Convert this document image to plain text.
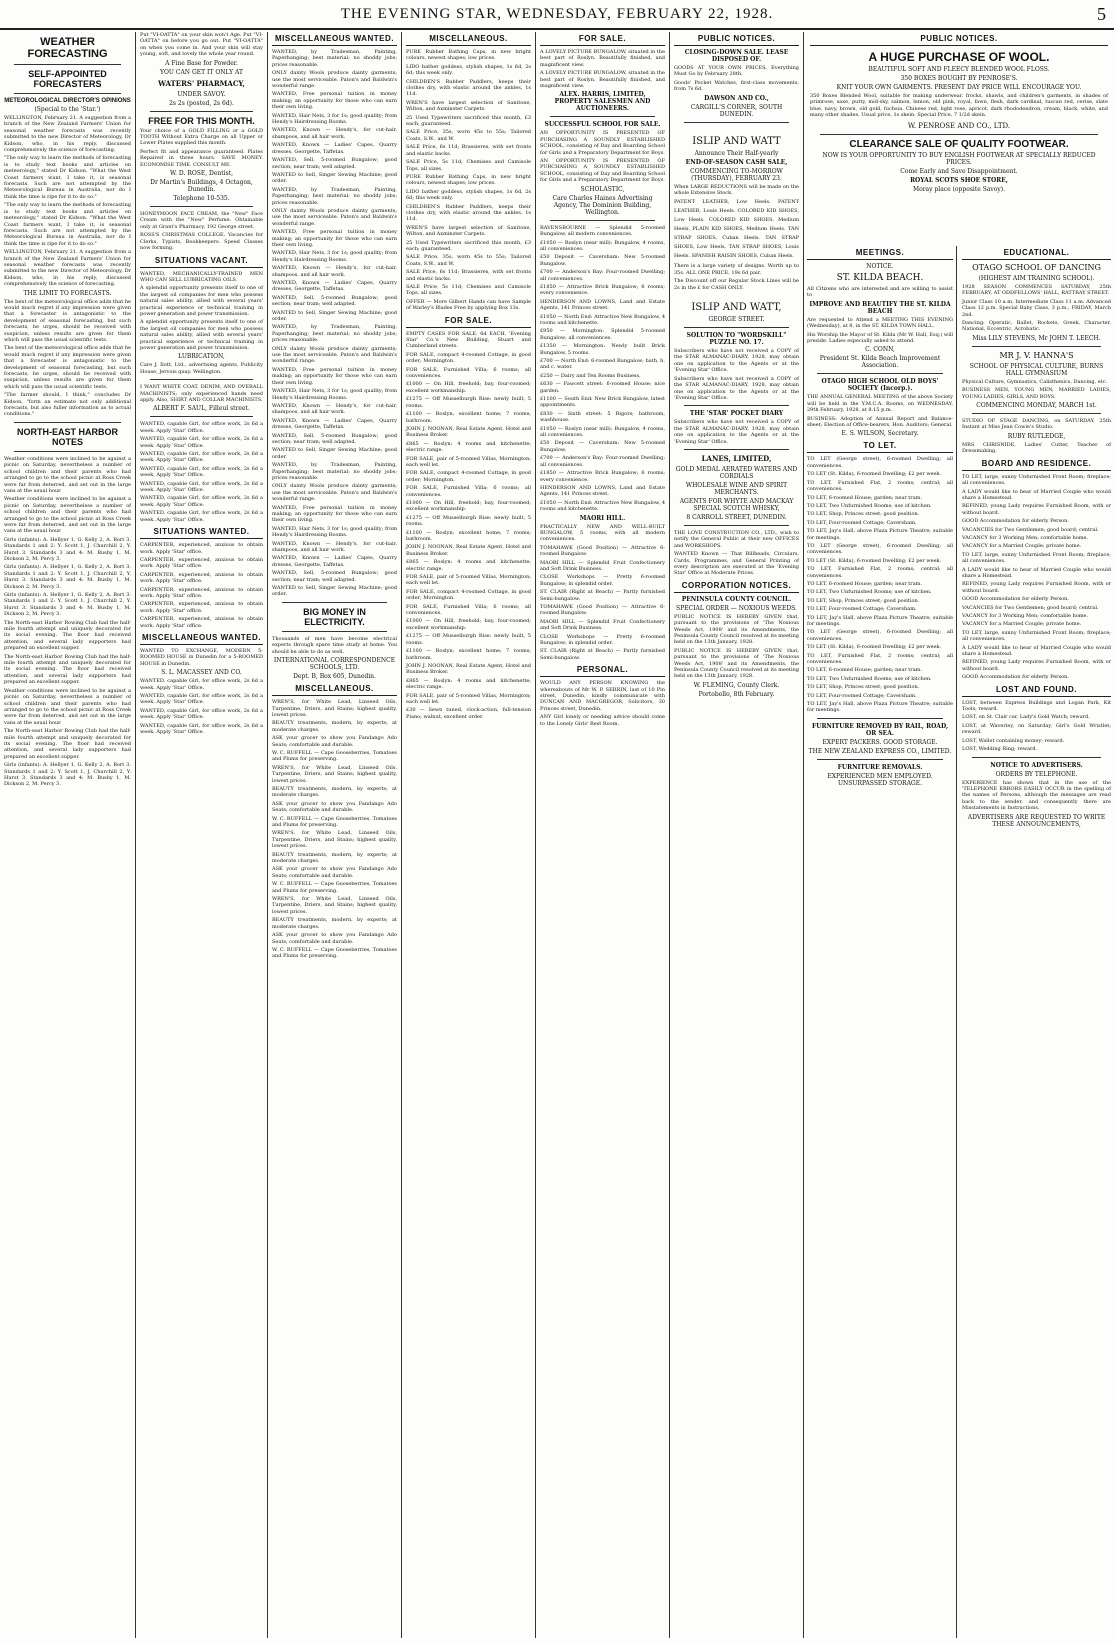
THE EVENING STAR, WEDNESDAY, FEBRUARY 22, 1928.	5
WEATHER FORECASTING
SELF-APPOINTED FORECASTERS
METEOROLOGICAL DIRECTOR'S OPINIONS
(Special to the 'Star.')

WELLINGTON, February 21. A suggestion from a branch of the New Zealand Farmers' Union for seasonal weather forecasts was recently submitted to the new Director of Meteorology, Dr Kidson, who, in his reply, discussed comprehensively the science of forecasting.

"The only way to learn the methods of forecasting is to study text books and articles on meteorology," stated Dr Kidson. "What the West Coast farmers want, I take it, is seasonal forecasts. Such are not attempted by the Meteorological Bureau in Australia, nor do I think the time is ripe for it to do so."

"The only way to learn the methods of forecasting is to study text books and articles on meteorology," stated Dr Kidson. "What the West Coast farmers want, I take it, is seasonal forecasts. Such are not attempted by the Meteorological Bureau in Australia, nor do I think the time is ripe for it to do so."

WELLINGTON, February 21. A suggestion from a branch of the New Zealand Farmers' Union for seasonal weather forecasts was recently submitted to the new Director of Meteorology, Dr Kidson, who, in his reply, discussed comprehensively the science of forecasting.

THE LIMIT TO FORECASTS.

The bent of the meteorological office adds that he would much regret if any impression were given that a forecaster is antagonistic to the development of seasonal forecasting, but such forecasts, he urges, should be received with suspicion, unless results are given for them which will pass the usual scientific tests.

The bent of the meteorological office adds that he would much regret if any impression were given that a forecaster is antagonistic to the development of seasonal forecasting, but such forecasts, he urges, should be received with suspicion, unless results are given for them which will pass the usual scientific tests.

"The farmer should, I think," concludes Dr Kidson, "form an estimate not only additional forecasts, but also fuller information as to actual conditions."

NORTH-EAST HARBOR NOTES

Weather conditions were inclined to be against a picnic on Saturday, nevertheless a number of school children and their parents who had arranged to go to the school picnic at Ross Creek were far from deterred, and set out in the large vans at the usual hour.

Weather conditions were inclined to be against a picnic on Saturday, nevertheless a number of school children and their parents who had arranged to go to the school picnic at Ross Creek were far from deterred, and set out in the large vans at the usual hour.

Girls (infants): A. Hellyer 1, G. Kelly 2, A. Bort 3. Standards 1 and 2: Y. Scott 1, J. Churchill 2, Y. Hurst 3. Standards 3 and 4: M. Busby 1, M. Dickson 2, M. Percy 3.

Girls (infants): A. Hellyer 1, G. Kelly 2, A. Bort 3. Standards 1 and 2: Y. Scott 1, J. Churchill 2, Y. Hurst 3. Standards 3 and 4: M. Busby 1, M. Dickson 2, M. Percy 3.

Girls (infants): A. Hellyer 1, G. Kelly 2, A. Bort 3. Standards 1 and 2: Y. Scott 1, J. Churchill 2, Y. Hurst 3. Standards 3 and 4: M. Busby 1, M. Dickson 2, M. Percy 3.

The North-east Harbor Rowing Club had the half-mile fourth attempt and uniquely decorated for its social evening. The floor had received attention, and several lady supporters had prepared an excellent supper.

The North-east Harbor Rowing Club had the half-mile fourth attempt and uniquely decorated for its social evening. The floor had received attention, and several lady supporters had prepared an excellent supper.

Weather conditions were inclined to be against a picnic on Saturday, nevertheless a number of school children and their parents who had arranged to go to the school picnic at Ross Creek were far from deterred, and set out in the large vans at the usual hour.

The North-east Harbor Rowing Club had the half-mile fourth attempt and uniquely decorated for its social evening. The floor had received attention, and several lady supporters had prepared an excellent supper.

Girls (infants): A. Hellyer 1, G. Kelly 2, A. Bort 3. Standards 1 and 2: Y. Scott 1, J. Churchill 2, Y. Hurst 3. Standards 3 and 4: M. Busby 1, M. Dickson 2, M. Percy 3.

Put "VI-OATTA" on your skin won't Age. Put "VI-OATTA" on before you go out. Put "VI-OATTA" on when you come in. And your skin will stay young, soft, and lovely the whole year round.

A Fine Base for Powder.
YOU CAN GET IT ONLY AT
WATERS' PHARMACY,
UNDER SAVOY.
2s 2s (posted, 2s 6d).
FREE FOR THIS MONTH.

Your choice of a GOLD FILLING or a GOLD TOOTH Without Extra Charge on all Upper or Lower Plates supplied this month.

Perfect fit and appearance guaranteed. Plates Repaired in three hours. SAVE MONEY. ECONOMISE TIME. CONSULT ME.

W. D. ROSE, Dentist,
Dr Martin's Buildings, 4 Octagon, Dunedin.
Telephone 10-535.

HONEYMOON FACE CREAM, the "New" Face Cream with the "New" Perfume. Obtainable only at Grant's Pharmacy, 192 George street.

ROSS'S CHRISTMAS COLLEGE. Vacancies for Clerks, Typists, Bookkeepers. Speed Classes now forming.

SITUATIONS VACANT.

WANTED, MECHANICALLY-TRAINED MEN WHO CAN SELL LUBRICATING OILS.

A splendid opportunity presents itself to one of the largest oil companies for men who possess natural sales ability, allied with several years' practical experience or technical training in power generation and power transmission.

A splendid opportunity presents itself to one of the largest oil companies for men who possess natural sales ability, allied with several years' practical experience or technical training in power generation and power transmission.

LUBRICATION,

Care J. Ilott, Ltd., advertising agents, Publicity House, Jervois quay, Wellington.

I WANT WHITE COAT, DENIM, AND OVERALL MACHINISTS; only experienced hands need apply. Also, SHIRT AND COLLAR MACHINISTS.

ALBERT F. SAUL, Filleul street.

WANTED, capable Girl, for office work, 2s 6d a week. Apply 'Star' Office.

WANTED, capable Girl, for office work, 2s 6d a week. Apply 'Star' Office.

WANTED, capable Girl, for office work, 2s 6d a week. Apply 'Star' Office.

WANTED, capable Girl, for office work, 2s 6d a week. Apply 'Star' Office.

WANTED, capable Girl, for office work, 2s 6d a week. Apply 'Star' Office.

WANTED, capable Girl, for office work, 2s 6d a week. Apply 'Star' Office.

WANTED, capable Girl, for office work, 2s 6d a week. Apply 'Star' Office.

SITUATIONS WANTED.

CARPENTER, experienced, anxious to obtain work. Apply 'Star' office.

CARPENTER, experienced, anxious to obtain work. Apply 'Star' office.

CARPENTER, experienced, anxious to obtain work. Apply 'Star' office.

CARPENTER, experienced, anxious to obtain work. Apply 'Star' office.

CARPENTER, experienced, anxious to obtain work. Apply 'Star' office.

CARPENTER, experienced, anxious to obtain work. Apply 'Star' office.

MISCELLANEOUS WANTED.

WANTED TO EXCHANGE, MODERN 5-ROOMED HOUSE in Dunedin for a 5-ROOMED HOUSE in Dunedin.

S. L. MACASSEY AND CO.

WANTED, capable Girl, for office work, 2s 6d a week. Apply 'Star' Office.

WANTED, capable Girl, for office work, 2s 6d a week. Apply 'Star' Office.

WANTED, capable Girl, for office work, 2s 6d a week. Apply 'Star' Office.

WANTED, capable Girl, for office work, 2s 6d a week. Apply 'Star' Office.

MISCELLANEOUS WANTED.

WANTED, by Tradesman, Painting, Paperhanging; best material; no shoddy jobs; prices reasonable.

ONLY dainty Wools produce dainty garments; use the most serviceable. Paton's and Baldwin's wonderful range.

WANTED, Free personal tuition in money making; an opportunity for those who can earn their own living.

WANTED, Hair Nets, 3 for 1s; good quality; from Hendy's Hairdressing Rooms.

WANTED, Known — Hendy's, for cut-hair, shampoos, and all hair work.

WANTED, Known — Ladies' Capes, Quarry dresses, Georgette, Taffetas.

WANTED, Sell, 5-roomed Bungalow; good section; near tram; well adapted.

WANTED to Sell, Singer Sewing Machine; good order.

WANTED, by Tradesman, Painting, Paperhanging; best material; no shoddy jobs; prices reasonable.

ONLY dainty Wools produce dainty garments; use the most serviceable. Paton's and Baldwin's wonderful range.

WANTED, Free personal tuition in money making; an opportunity for those who can earn their own living.

WANTED, Hair Nets, 3 for 1s; good quality; from Hendy's Hairdressing Rooms.

WANTED, Known — Hendy's, for cut-hair, shampoos, and all hair work.

WANTED, Known — Ladies' Capes, Quarry dresses, Georgette, Taffetas.

WANTED, Sell, 5-roomed Bungalow; good section; near tram; well adapted.

WANTED to Sell, Singer Sewing Machine; good order.

WANTED, by Tradesman, Painting, Paperhanging; best material; no shoddy jobs; prices reasonable.

ONLY dainty Wools produce dainty garments; use the most serviceable. Paton's and Baldwin's wonderful range.

WANTED, Free personal tuition in money making; an opportunity for those who can earn their own living.

WANTED, Hair Nets, 3 for 1s; good quality; from Hendy's Hairdressing Rooms.

WANTED, Known — Hendy's, for cut-hair, shampoos, and all hair work.

WANTED, Known — Ladies' Capes, Quarry dresses, Georgette, Taffetas.

WANTED, Sell, 5-roomed Bungalow; good section; near tram; well adapted.

WANTED to Sell, Singer Sewing Machine; good order.

WANTED, by Tradesman, Painting, Paperhanging; best material; no shoddy jobs; prices reasonable.

ONLY dainty Wools produce dainty garments; use the most serviceable. Paton's and Baldwin's wonderful range.

WANTED, Free personal tuition in money making; an opportunity for those who can earn their own living.

WANTED, Hair Nets, 3 for 1s; good quality; from Hendy's Hairdressing Rooms.

WANTED, Known — Hendy's, for cut-hair, shampoos, and all hair work.

WANTED, Known — Ladies' Capes, Quarry dresses, Georgette, Taffetas.

WANTED, Sell, 5-roomed Bungalow; good section; near tram; well adapted.

WANTED to Sell, Singer Sewing Machine; good order.

BIG MONEY IN ELECTRICITY.

Thousands of men have become electrical experts through spare time study at home. You should be able to do as well.

INTERNATIONAL CORRESPONDENCE SCHOOLS, LTD.
Dept. B, Box 605, Dunedin.
MISCELLANEOUS.

WREN'S, for White Lead, Linseed Oils, Turpentine, Driers, and Stains; highest quality, lowest prices.

BEAUTY treatments, modern, by experts; at moderate charges.

ASK your grocer to show you Fandango Ado Seats; comfortable and durable.

W. C. RUFFELL — Cape Gooseberries, Tomatoes and Plums for preserving.

WREN'S, for White Lead, Linseed Oils, Turpentine, Driers, and Stains; highest quality, lowest prices.

BEAUTY treatments, modern, by experts; at moderate charges.

ASK your grocer to show you Fandango Ado Seats; comfortable and durable.

W. C. RUFFELL — Cape Gooseberries, Tomatoes and Plums for preserving.

WREN'S, for White Lead, Linseed Oils, Turpentine, Driers, and Stains; highest quality, lowest prices.

BEAUTY treatments, modern, by experts; at moderate charges.

ASK your grocer to show you Fandango Ado Seats; comfortable and durable.

W. C. RUFFELL — Cape Gooseberries, Tomatoes and Plums for preserving.

WREN'S, for White Lead, Linseed Oils, Turpentine, Driers, and Stains; highest quality, lowest prices.

BEAUTY treatments, modern, by experts; at moderate charges.

ASK your grocer to show you Fandango Ado Seats; comfortable and durable.

W. C. RUFFELL — Cape Gooseberries, Tomatoes and Plums for preserving.

MISCELLANEOUS.

PURE Rubber Bathing Caps, in new bright colours, newest shapes; low prices.

LIDO bather goddess, stylish shapes, 1s 6d, 2s 6d; this week only.

CHILDREN'S Rubber Paddlers, keeps their clothes dry, with elastic around the ankles, 1s 11d.

WREN'S have largest selection of Sanitone, Wilton, and Axminster Carpets.

25 Used Typewriters sacrificed this month, £3 each; guaranteed.

SALE Price, 35s, worn 45s to 55s; Tailored Coats, S.W., and W.

SALE Price, 6s 11d; Brassieres, with set fronts and elastic backs.

SALE Price, 5s 11d; Chemises and Camisole Tops, all sizes.

PURE Rubber Bathing Caps, in new bright colours, newest shapes; low prices.

LIDO bather goddess, stylish shapes, 1s 6d, 2s 6d; this week only.

CHILDREN'S Rubber Paddlers, keeps their clothes dry, with elastic around the ankles, 1s 11d.

WREN'S have largest selection of Sanitone, Wilton, and Axminster Carpets.

25 Used Typewriters sacrificed this month, £3 each; guaranteed.

SALE Price, 35s, worn 45s to 55s; Tailored Coats, S.W., and W.

SALE Price, 6s 11d; Brassieres, with set fronts and elastic backs.

SALE Price, 5s 11d; Chemises and Camisole Tops, all sizes.

OFFER — More Gilbert Hands can have Sample of Warley's Blades Free by applying Box 13s.

FOR SALE.

EMPTY CASES FOR SALE. 6d EACH. 'Evening Star' Co.'s New Building, Stuart and Cumberland streets.

FOR SALE, compact 4-roomed Cottage, in good order; Mornington.

FOR SALE, Furnished Villa; 6 rooms; all conveniences.

£1000 — On Hill, freehold; bay, four-roomed; excellent workmanship.

£1275 — Off Musselburgh Rise: newly built, 5 rooms.

£1100 — Roslyn; excellent home; 7 rooms; bathroom.

JOHN J. NOONAN, Real Estate Agent, Hotel and Business Broker.

£865 — Roslyn: 4 rooms and kitchenette; electric range.

FOR SALE, pair of 5-roomed Villas, Mornington; each well let.

FOR SALE, compact 4-roomed Cottage, in good order; Mornington.

FOR SALE, Furnished Villa; 6 rooms; all conveniences.

£1000 — On Hill, freehold; bay, four-roomed; excellent workmanship.

£1275 — Off Musselburgh Rise: newly built, 5 rooms.

£1100 — Roslyn; excellent home; 7 rooms; bathroom.

JOHN J. NOONAN, Real Estate Agent, Hotel and Business Broker.

£865 — Roslyn: 4 rooms and kitchenette; electric range.

FOR SALE, pair of 5-roomed Villas, Mornington; each well let.

FOR SALE, compact 4-roomed Cottage, in good order; Mornington.

FOR SALE, Furnished Villa; 6 rooms; all conveniences.

£1000 — On Hill, freehold; bay, four-roomed; excellent workmanship.

£1275 — Off Musselburgh Rise: newly built, 5 rooms.

£1100 — Roslyn; excellent home; 7 rooms; bathroom.

JOHN J. NOONAN, Real Estate Agent, Hotel and Business Broker.

£865 — Roslyn: 4 rooms and kitchenette; electric range.

FOR SALE, pair of 5-roomed Villas, Mornington; each well let.

£30 — Sewn tuned, clock-action, full-tension Piano; walnut, excellent order.

FOR SALE.

A LOVELY PICTURE BUNGALOW, situated in the best part of Roslyn. Beautifully finished, and magnificent view.

A LOVELY PICTURE BUNGALOW, situated in the best part of Roslyn. Beautifully finished, and magnificent view.

ALEX. HARRIS, LIMITED, PROPERTY SALESMEN AND AUCTIONEERS.
SUCCESSFUL SCHOOL FOR SALE.

AN OPPORTUNITY IS PRESENTED OF PURCHASING A SOUNDLY ESTABLISHED SCHOOL, consisting of Day and Boarding School for Girls and a Preparatory Department for Boys.

AN OPPORTUNITY IS PRESENTED OF PURCHASING A SOUNDLY ESTABLISHED SCHOOL, consisting of Day and Boarding School for Girls and a Preparatory Department for Boys.

SCHOLASTIC,
Care Charles Haines Advertising Agency, The Dominion Building, Wellington.

RAVENSBOURNE — Splendid 5-roomed Bungalow, all modern conveniences.

£1050 — Roslyn (near mill): Bungalow, 4 rooms, all conveniences.

£50 Deposit — Caversham: New 5-roomed Bungalow.

£700 — Anderson's Bay: Four-roomed Dwelling; all conveniences.

£1850 — Attractive Brick Bungalow; 6 rooms; every convenience.

HENDERSON AND LOWNS, Land and Estate Agents, 141 Princes street.

£1050 — North End: Attractive New Bungalow, 4 rooms and kitchenette.

£950 — Mornington: Splendid 5-roomed Bungalow; all conveniences.

£1350 — Mornington: Newly built Brick Bungalow, 5 rooms.

£700 — North End: 6-roomed Bungalow; bath, h. and c. water.

£250 — Dairy and Ten Rooms Business.

£630 — Fawcett street: 6-roomed House; nice garden.

£1100 — South End: New Brick Bungalow, latest appointments.

£830 — Sixth street: 5 Rigors; bathroom, washhouse.

£1050 — Roslyn (near mill): Bungalow, 4 rooms, all conveniences.

£50 Deposit — Caversham: New 5-roomed Bungalow.

£700 — Anderson's Bay: Four-roomed Dwelling; all conveniences.

£1850 — Attractive Brick Bungalow; 6 rooms; every convenience.

HENDERSON AND LOWNS, Land and Estate Agents, 141 Princes street.

£1050 — North End: Attractive New Bungalow, 4 rooms and kitchenette.

MAORI HILL.

PRACTICALLY NEW AND WELL-BUILT BUNGALOW, 5 rooms, with all modern conveniences.

TOMAHAWK (Good Position) — Attractive 6-roomed Bungalow.

MAORI HILL — Splendid Fruit Confectionery and Soft Drink Business.

CLOSE Workshops — Pretty 6-roomed Bungalow; in splendid order.

ST. CLAIR (Right at Beach) — Partly furnished Semi-bungalow.

TOMAHAWK (Good Position) — Attractive 6-roomed Bungalow.

MAORI HILL — Splendid Fruit Confectionery and Soft Drink Business.

CLOSE Workshops — Pretty 6-roomed Bungalow; in splendid order.

ST. CLAIR (Right at Beach) — Partly furnished Semi-bungalow.

PERSONAL.

WOULD ANY PERSON KNOWING the whereabouts of Mr W. P. SERRIN, last of 10 Pin street, Dunedin, kindly communicate with DUNCAN AND MACGREGOR, Solicitors, 30 Princes street, Dunedin.

ANY Girl lonely or needing advice should come to the Lonely Girls' Rest Room.

PUBLIC NOTICES.
CLOSING-DOWN SALE. LEASE DISPOSED OF.

GOODS AT YOUR OWN PRICES. Everything Must Go by February 28th.

Goods' Pocket Watches, first-class movements, from 7s 6d.

DAWSON AND CO.,
CARGILL'S CORNER, SOUTH DUNEDIN.
ISLIP AND WATT
Announce Their Half-yearly
END-OF-SEASON CASH SALE,
COMMENCING TO-MORROW (THURSDAY), FEBRUARY 23.

When LARGE REDUCTIONS will be made on the whole Extensive Stock.

PATENT LEATHER, Low Heels. PATENT LEATHER, Louis Heels. COLORED KID SHOES, Low Heels. COLORED KID SHOES, Medium Heels. PLAIN KID SHOES, Medium Heels. TAN STRAP SHOES, Cuban Heels. TAN STRAP SHOES, Low Heels. TAN STRAP SHOES, Louis Heels. SPANISH RAISIN SHOES, Cuban Heels.

There is a large variety of designs. Worth up to 35s. ALL ONE PRICE, 19s 6d pair.

The Discount off our Regular Stock Lines will be 2s in the £ for CASH ONLY.

ISLIP AND WATT,
GEORGE STREET.
SOLUTION TO "WORDSKILL" PUZZLE NO. 17.

Subscribers who have not received a COPY of the STAR ALMANAC-DIARY, 1928, may obtain one on application to the Agents or at the 'Evening Star' Office.

Subscribers who have not received a COPY of the STAR ALMANAC-DIARY, 1928, may obtain one on application to the Agents or at the 'Evening Star' Office.

THE 'STAR' POCKET DIARY

Subscribers who have not received a COPY of the STAR ALMANAC-DIARY, 1928, may obtain one on application to the Agents or at the 'Evening Star' Office.

LANES, LIMITED,
GOLD MEDAL AERATED WATERS AND CORDIALS
WHOLESALE WINE AND SPIRIT MERCHANTS.
AGENTS FOR WHYTE AND MACKAY SPECIAL SCOTCH WHISKY,
8 CARROLL STREET, DUNEDIN.

THE LOVE CONSTRUCTION CO., LTD., wish to notify the General Public at their new OFFICES and WORKSHOPS.

WANTED Known — That Billheads, Circulars, Cards, Programmes, and General Printing of every description are executed at the 'Evening Star' Office at Moderate Prices.

CORPORATION NOTICES.
PENINSULA COUNTY COUNCIL.
SPECIAL ORDER — NOXIOUS WEEDS.

PUBLIC NOTICE IS HEREBY GIVEN that, pursuant to the provisions of 'The Noxious Weeds Act, 1908' and its Amendments, the Peninsula County Council resolved at its meeting held on the 13th January, 1928.

PUBLIC NOTICE IS HEREBY GIVEN that, pursuant to the provisions of 'The Noxious Weeds Act, 1908' and its Amendments, the Peninsula County Council resolved at its meeting held on the 13th January, 1928.

W. FLEMING, County Clerk.
Portobello, 8th February.
PUBLIC NOTICES.
A HUGE PURCHASE OF WOOL.
BEAUTIFUL SOFT AND FLEECY BLENDED WOOL FLOSS.
350 BOXES BOUGHT BY PENROSE'S.
KNIT YOUR OWN GARMENTS. PRESENT DAY PRICE WILL ENCOURAGE YOU.

350 Boxes Blended Wool, suitable for making underwear, frocks, shawls, and children's garments, in shades of primrose, saxe, putty, mid-sky, salmon, lemon, old pink, royal, fawn, flesh, dark cardinal, tuscan red, cerise, slate blue, navy, brown, old gold, fuchsia, Chinese red, light rose, apricot, dark rhododendron, cream, black, white, and many other shades. Usual price, 1s skein. Special Price, 7 1/2d skein.

W. PENROSE AND CO., LTD.
CLEARANCE SALE OF QUALITY FOOTWEAR.
NOW IS YOUR OPPORTUNITY TO BUY ENGLISH FOOTWEAR AT SPECIALLY REDUCED PRICES.
Come Early and Save Disappointment.
ROYAL SCOTS SHOE STORE,
Moray place (opposite Savoy).
MEETINGS.
NOTICE.
ST. KILDA BEACH.

All Citizens who are interested and are willing to assist to

IMPROVE AND BEAUTIFY THE ST. KILDA BEACH

Are requested to Attend a MEETING THIS EVENING (Wednesday), at 8, in the ST. KILDA TOWN HALL.

His Worship the Mayor of St. Kilda (Mr W. Hall, Esq.) will preside. Ladies especially asked to attend.

C. CONN,
President St. Kilda Beach Improvement Association.
OTAGO HIGH SCHOOL OLD BOYS' SOCIETY (Incorp.).

THE ANNUAL GENERAL MEETING of the above Society will be held in the Y.M.C.A. Rooms, on WEDNESDAY, 29th February, 1928, at 8.15 p.m.

BUSINESS: Adoption of Annual Report and Balance-sheet; Election of Office-bearers, Hon. Auditors; General.

E. S. WILSON, Secretary.
TO LET.

TO LET (George street), 6-roomed Dwelling; all conveniences.

TO LET (St. Kilda), 6-roomed Dwelling; £2 per week.

TO LET, Furnished Flat, 2 rooms; central; all conveniences.

TO LET, 6-roomed House; garden; near tram.

TO LET, Two Unfurnished Rooms; use of kitchen.

TO LET, Shop, Princes street; good position.

TO LET, Four-roomed Cottage; Caversham.

TO LET, Jay's Hall, above Plaza Picture Theatre; suitable for meetings.

TO LET (George street), 6-roomed Dwelling; all conveniences.

TO LET (St. Kilda), 6-roomed Dwelling; £2 per week.

TO LET, Furnished Flat, 2 rooms; central; all conveniences.

TO LET, 6-roomed House; garden; near tram.

TO LET, Two Unfurnished Rooms; use of kitchen.

TO LET, Shop, Princes street; good position.

TO LET, Four-roomed Cottage; Caversham.

TO LET, Jay's Hall, above Plaza Picture Theatre; suitable for meetings.

TO LET (George street), 6-roomed Dwelling; all conveniences.

TO LET (St. Kilda), 6-roomed Dwelling; £2 per week.

TO LET, Furnished Flat, 2 rooms; central; all conveniences.

TO LET, 6-roomed House; garden; near tram.

TO LET, Two Unfurnished Rooms; use of kitchen.

TO LET, Shop, Princes street; good position.

TO LET, Four-roomed Cottage; Caversham.

TO LET, Jay's Hall, above Plaza Picture Theatre; suitable for meetings.

FURNITURE REMOVED BY RAIL, ROAD, OR SEA.
EXPERT PACKERS. GOOD STORAGE.
THE NEW ZEALAND EXPRESS CO., LIMITED.
FURNITURE REMOVALS.
EXPERIENCED MEN EMPLOYED. UNSURPASSED STORAGE.
EDUCATIONAL.
OTAGO SCHOOL OF DANCING
(HIGHEST AIM TRAINING SCHOOL).

1928 SEASON COMMENCES SATURDAY, 25th FEBRUARY, AT ODDFELLOWS' HALL, RATTRAY STREET.

Junior Class 10 a.m. Intermediate Class 11 a.m. Advanced Class 12 p.m. Special Baby Class, 3 p.m., FRIDAY, March 2nd.

Dancing: Operatic, Ballet, Rockets, Greek, Character, National, Eccentric, Acrobatic.

Miss LILY STEVENS, Mr JOHN T. LEECH.
MR J. V. HANNA'S
SCHOOL OF PHYSICAL CULTURE, BURNS HALL GYMNASIUM

Physical Culture, Gymnastics, Calisthenics, Dancing, etc.

BUSINESS MEN, YOUNG MEN, MARRIED LADIES, YOUNG LADIES, GIRLS, AND BOYS.

COMMENCING MONDAY, MARCH 1st.

STUDIO OF STAGE DANCING, on SATURDAY, 25th Instant at Miss Jean Cowie's Studio.

RUBY RUTLEDGE,

MRS CHRISNIDE, Ladies' Cutter, Teacher of Dressmaking.

BOARD AND RESIDENCE.

TO LET, large, sunny Unfurnished Front Room; fireplace; all conveniences.

A LADY would like to hear of Married Couple who would share a Homestead.

REFINED, young Lady requires Furnished Room, with or without board.

GOOD Accommodation for elderly Person.

VACANCIES for Two Gentlemen; good board; central.

VACANCY for 3 Working Men; comfortable home.

VACANCY for a Married Couple; private home.

TO LET, large, sunny Unfurnished Front Room; fireplace; all conveniences.

A LADY would like to hear of Married Couple who would share a Homestead.

REFINED, young Lady requires Furnished Room, with or without board.

GOOD Accommodation for elderly Person.

VACANCIES for Two Gentlemen; good board; central.

VACANCY for 3 Working Men; comfortable home.

VACANCY for a Married Couple; private home.

TO LET, large, sunny Unfurnished Front Room; fireplace; all conveniences.

A LADY would like to hear of Married Couple who would share a Homestead.

REFINED, young Lady requires Furnished Room, with or without board.

GOOD Accommodation for elderly Person.

LOST AND FOUND.

LOST, between Express Buildings and Logan Park, Kit Tools; reward.

LOST, on St. Clair car, Lady's Gold Watch; reward.

LOST, at Waverley, on Saturday, Girl's Gold Wristlet; reward.

LOST, Wallet containing money; reward.

LOST, Wedding Ring; reward.

NOTICE TO ADVERTISERS.
ORDERS BY TELEPHONE.

EXPERIENCE has shown that in the use of the 'TELEPHONE ERRORS EASILY OCCUR in the spelling of the names of Persons, although the messages are read back to the sender, and consequently there are Misstatements in Instructions.

ADVERTISERS ARE REQUESTED TO WRITE THESE ANNOUNCEMENTS,
